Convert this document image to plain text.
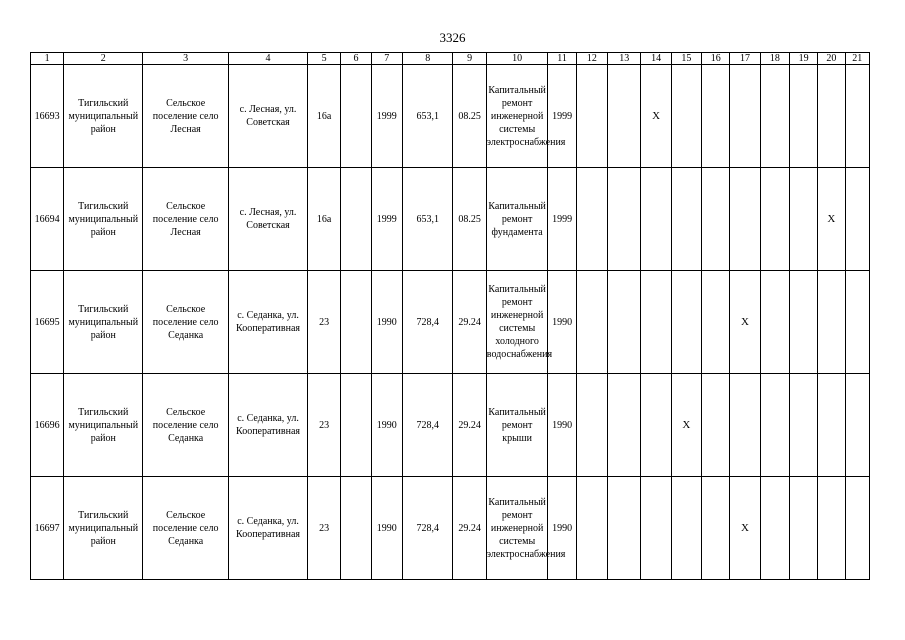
3326
1	2	3	4	5	6	7	8	9	10	11	12	13	14	15	16	17	18	19	20	21
16693	Тигильский муниципальный район	Сельское поселение село Лесная	с. Лесная, ул. Советская	16а		1999	653,1	08.25	Капитальный ремонт инженерной системы электроснабжения	1999			X							
16694	Тигильский муниципальный район	Сельское поселение село Лесная	с. Лесная, ул. Советская	16а		1999	653,1	08.25	Капитальный ремонт фундамента	1999									X	
16695	Тигильский муниципальный район	Сельское поселение село Седанка	с. Седанка, ул. Кооперативная	23		1990	728,4	29.24	Капитальный ремонт инженерной системы холодного водоснабжения	1990						X				
16696	Тигильский муниципальный район	Сельское поселение село Седанка	с. Седанка, ул. Кооперативная	23		1990	728,4	29.24	Капитальный ремонт крыши	1990				X						
16697	Тигильский муниципальный район	Сельское поселение село Седанка	с. Седанка, ул. Кооперативная	23		1990	728,4	29.24	Капитальный ремонт инженерной системы электроснабжения	1990						X				
